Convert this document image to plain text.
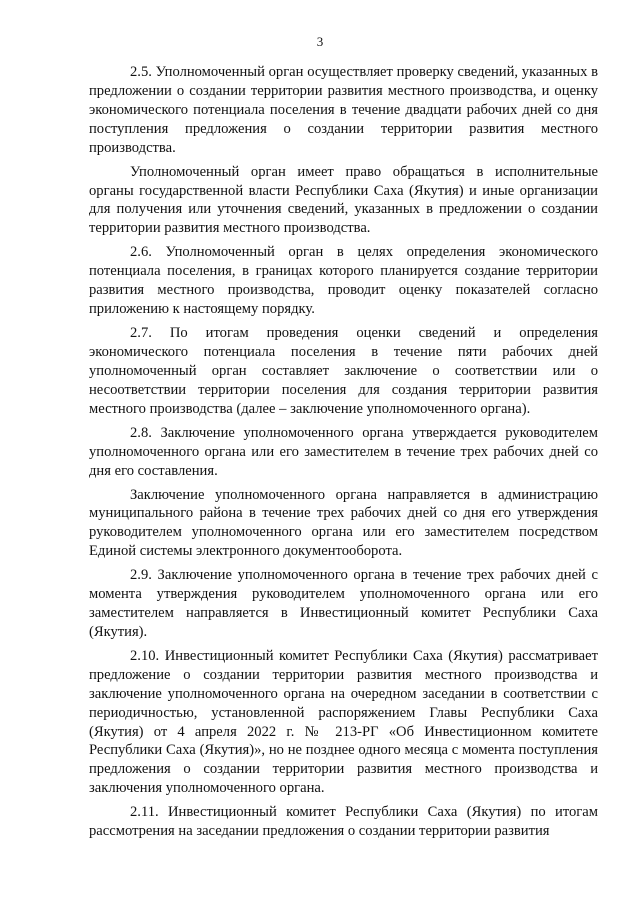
3

2.5. Уполномоченный орган осуществляет проверку сведений, указанных в предложении о создании территории развития местного производства, и оценку экономического потенциала поселения в течение двадцати рабочих дней со дня поступления предложения о создании территории развития местного производства.

Уполномоченный орган имеет право обращаться в исполнительные органы государственной власти Республики Саха (Якутия) и иные организации для получения или уточнения сведений, указанных в предложении о создании территории развития местного производства.

2.6. Уполномоченный орган в целях определения экономического потенциала поселения, в границах которого планируется создание территории развития местного производства, проводит оценку показателей согласно приложению к настоящему порядку.

2.7. По итогам проведения оценки сведений и определения экономического потенциала поселения в течение пяти рабочих дней уполномоченный орган составляет заключение о соответствии или о несоответствии территории поселения для создания территории развития местного производства (далее – заключение уполномоченного органа).

2.8. Заключение уполномоченного органа утверждается руководителем уполномоченного органа или его заместителем в течение трех рабочих дней со дня его составления.

Заключение уполномоченного органа направляется в администрацию муниципального района в течение трех рабочих дней со дня его утверждения руководителем уполномоченного органа или его заместителем посредством Единой системы электронного документооборота.

2.9. Заключение уполномоченного органа в течение трех рабочих дней с момента утверждения руководителем уполномоченного органа или его заместителем направляется в Инвестиционный комитет Республики Саха (Якутия).

2.10. Инвестиционный комитет Республики Саха (Якутия) рассматривает предложение о создании территории развития местного производства и заключение уполномоченного органа на очередном заседании в соответствии с периодичностью, установленной распоряжением Главы Республики Саха (Якутия) от 4 апреля 2022 г. № 213-РГ «Об Инвестиционном комитете Республики Саха (Якутия)», но не позднее одного месяца с момента поступления предложения о создании территории развития местного производства и заключения уполномоченного органа.

2.11. Инвестиционный комитет Республики Саха (Якутия) по итогам рассмотрения на заседании предложения о создании территории развития
